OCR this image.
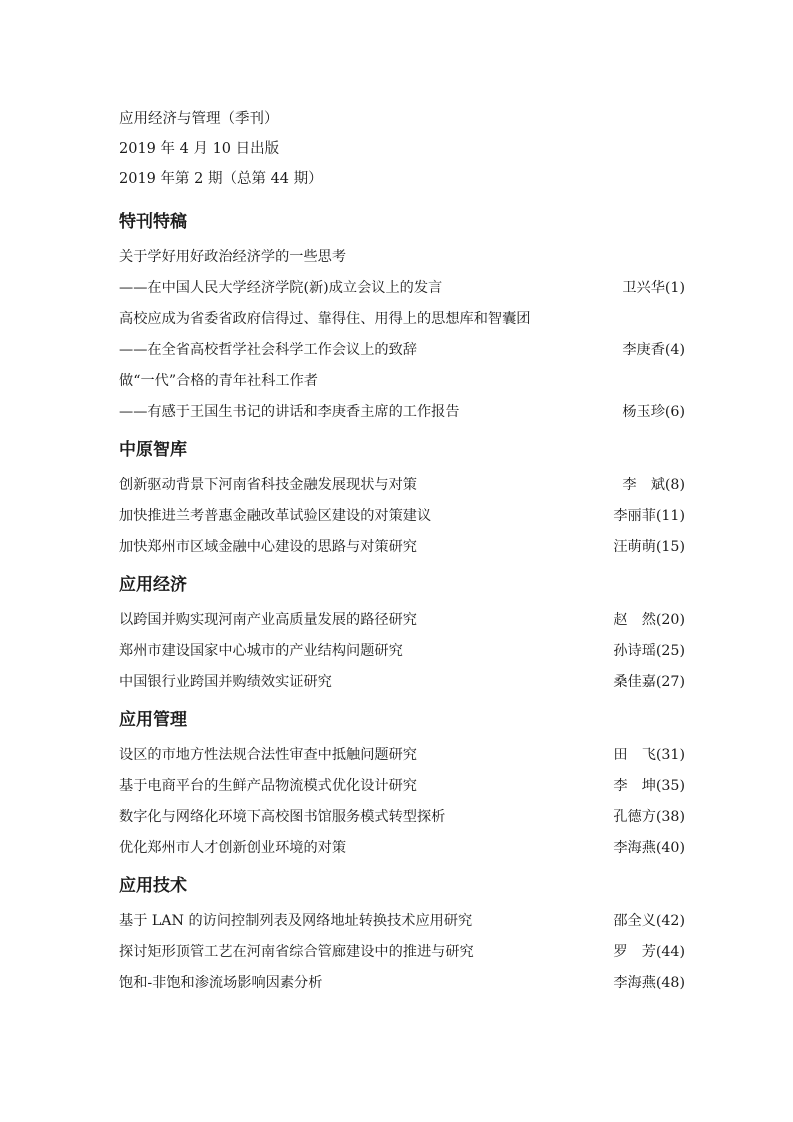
应用经济与管理（季刊）
2019 年 4 月 10 日出版
2019 年第 2 期（总第 44 期）
特刊特稿
关于学好用好政治经济学的一些思考
——在中国人民大学经济学院(新)成立会议上的发言	卫兴华(1)
高校应成为省委省政府信得过、靠得住、用得上的思想库和智囊团
——在全省高校哲学社会科学工作会议上的致辞	李庚香(4)
做“一代”合格的青年社科工作者
——有感于王国生书记的讲话和李庚香主席的工作报告	杨玉珍(6)
中原智库
创新驱动背景下河南省科技金融发展现状与对策	李　斌(8)
加快推进兰考普惠金融改革试验区建设的对策建议	李丽菲(11)
加快郑州市区域金融中心建设的思路与对策研究	汪萌萌(15)
应用经济
以跨国并购实现河南产业高质量发展的路径研究	赵　然(20)
郑州市建设国家中心城市的产业结构问题研究	孙诗瑶(25)
中国银行业跨国并购绩效实证研究	桑佳嘉(27)
应用管理
设区的市地方性法规合法性审查中抵触问题研究	田　飞(31)
基于电商平台的生鲜产品物流模式优化设计研究	李　坤(35)
数字化与网络化环境下高校图书馆服务模式转型探析	孔德方(38)
优化郑州市人才创新创业环境的对策	李海燕(40)
应用技术
基于 LAN 的访问控制列表及网络地址转换技术应用研究	邵全义(42)
探讨矩形顶管工艺在河南省综合管廊建设中的推进与研究	罗　芳(44)
饱和-非饱和渗流场影响因素分析	李海燕(48)
